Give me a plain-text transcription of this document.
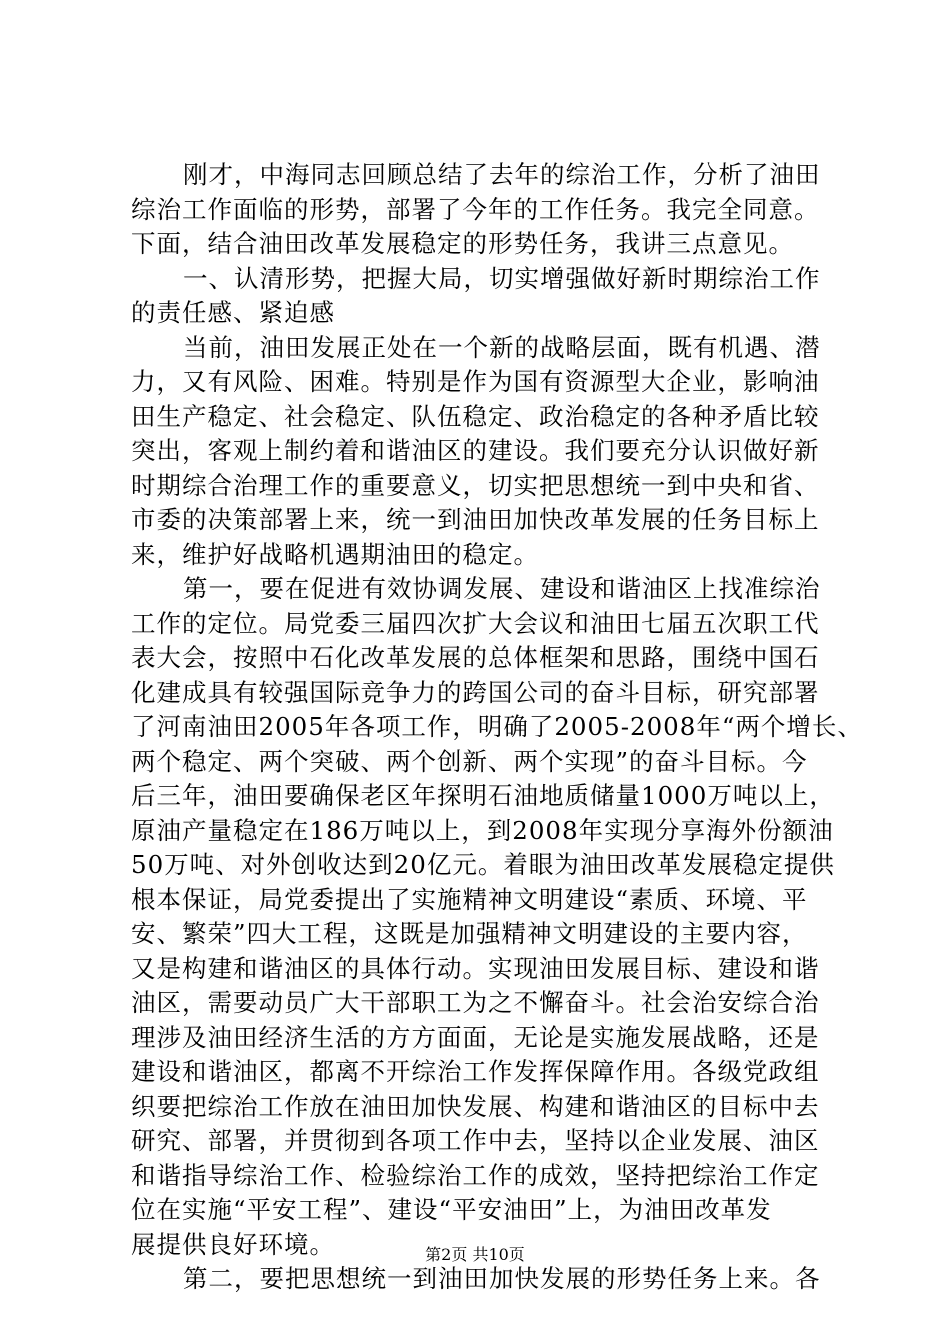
刚才，中海同志回顾总结了去年的综治工作，分析了油田
综治工作面临的形势，部署了今年的工作任务。我完全同意。
下面，结合油田改革发展稳定的形势任务，我讲三点意见。
一、认清形势，把握大局，切实增强做好新时期综治工作
的责任感、紧迫感
当前，油田发展正处在一个新的战略层面，既有机遇、潜
力，又有风险、困难。特别是作为国有资源型大企业，影响油
田生产稳定、社会稳定、队伍稳定、政治稳定的各种矛盾比较
突出，客观上制约着和谐油区的建设。我们要充分认识做好新
时期综合治理工作的重要意义，切实把思想统一到中央和省、
市委的决策部署上来，统一到油田加快改革发展的任务目标上
来，维护好战略机遇期油田的稳定。
第一，要在促进有效协调发展、建设和谐油区上找准综治
工作的定位。局党委三届四次扩大会议和油田七届五次职工代
表大会，按照中石化改革发展的总体框架和思路，围绕中国石
化建成具有较强国际竞争力的跨国公司的奋斗目标，研究部署
了河南油田2005年各项工作，明确了2005-2008年“两个增长、
两个稳定、两个突破、两个创新、两个实现”的奋斗目标。今
后三年，油田要确保老区年探明石油地质储量1000万吨以上，
原油产量稳定在186万吨以上，到2008年实现分享海外份额油
50万吨、对外创收达到20亿元。着眼为油田改革发展稳定提供
根本保证，局党委提出了实施精神文明建设“素质、环境、平
安、繁荣”四大工程，这既是加强精神文明建设的主要内容，
又是构建和谐油区的具体行动。实现油田发展目标、建设和谐
油区，需要动员广大干部职工为之不懈奋斗。社会治安综合治
理涉及油田经济生活的方方面面，无论是实施发展战略，还是
建设和谐油区，都离不开综治工作发挥保障作用。各级党政组
织要把综治工作放在油田加快发展、构建和谐油区的目标中去
研究、部署，并贯彻到各项工作中去，坚持以企业发展、油区
和谐指导综治工作、检验综治工作的成效，坚持把综治工作定
位在实施“平安工程”、建设“平安油田”上，为油田改革发
展提供良好环境。
第二，要把思想统一到油田加快发展的形势任务上来。各
第2页 共10页
